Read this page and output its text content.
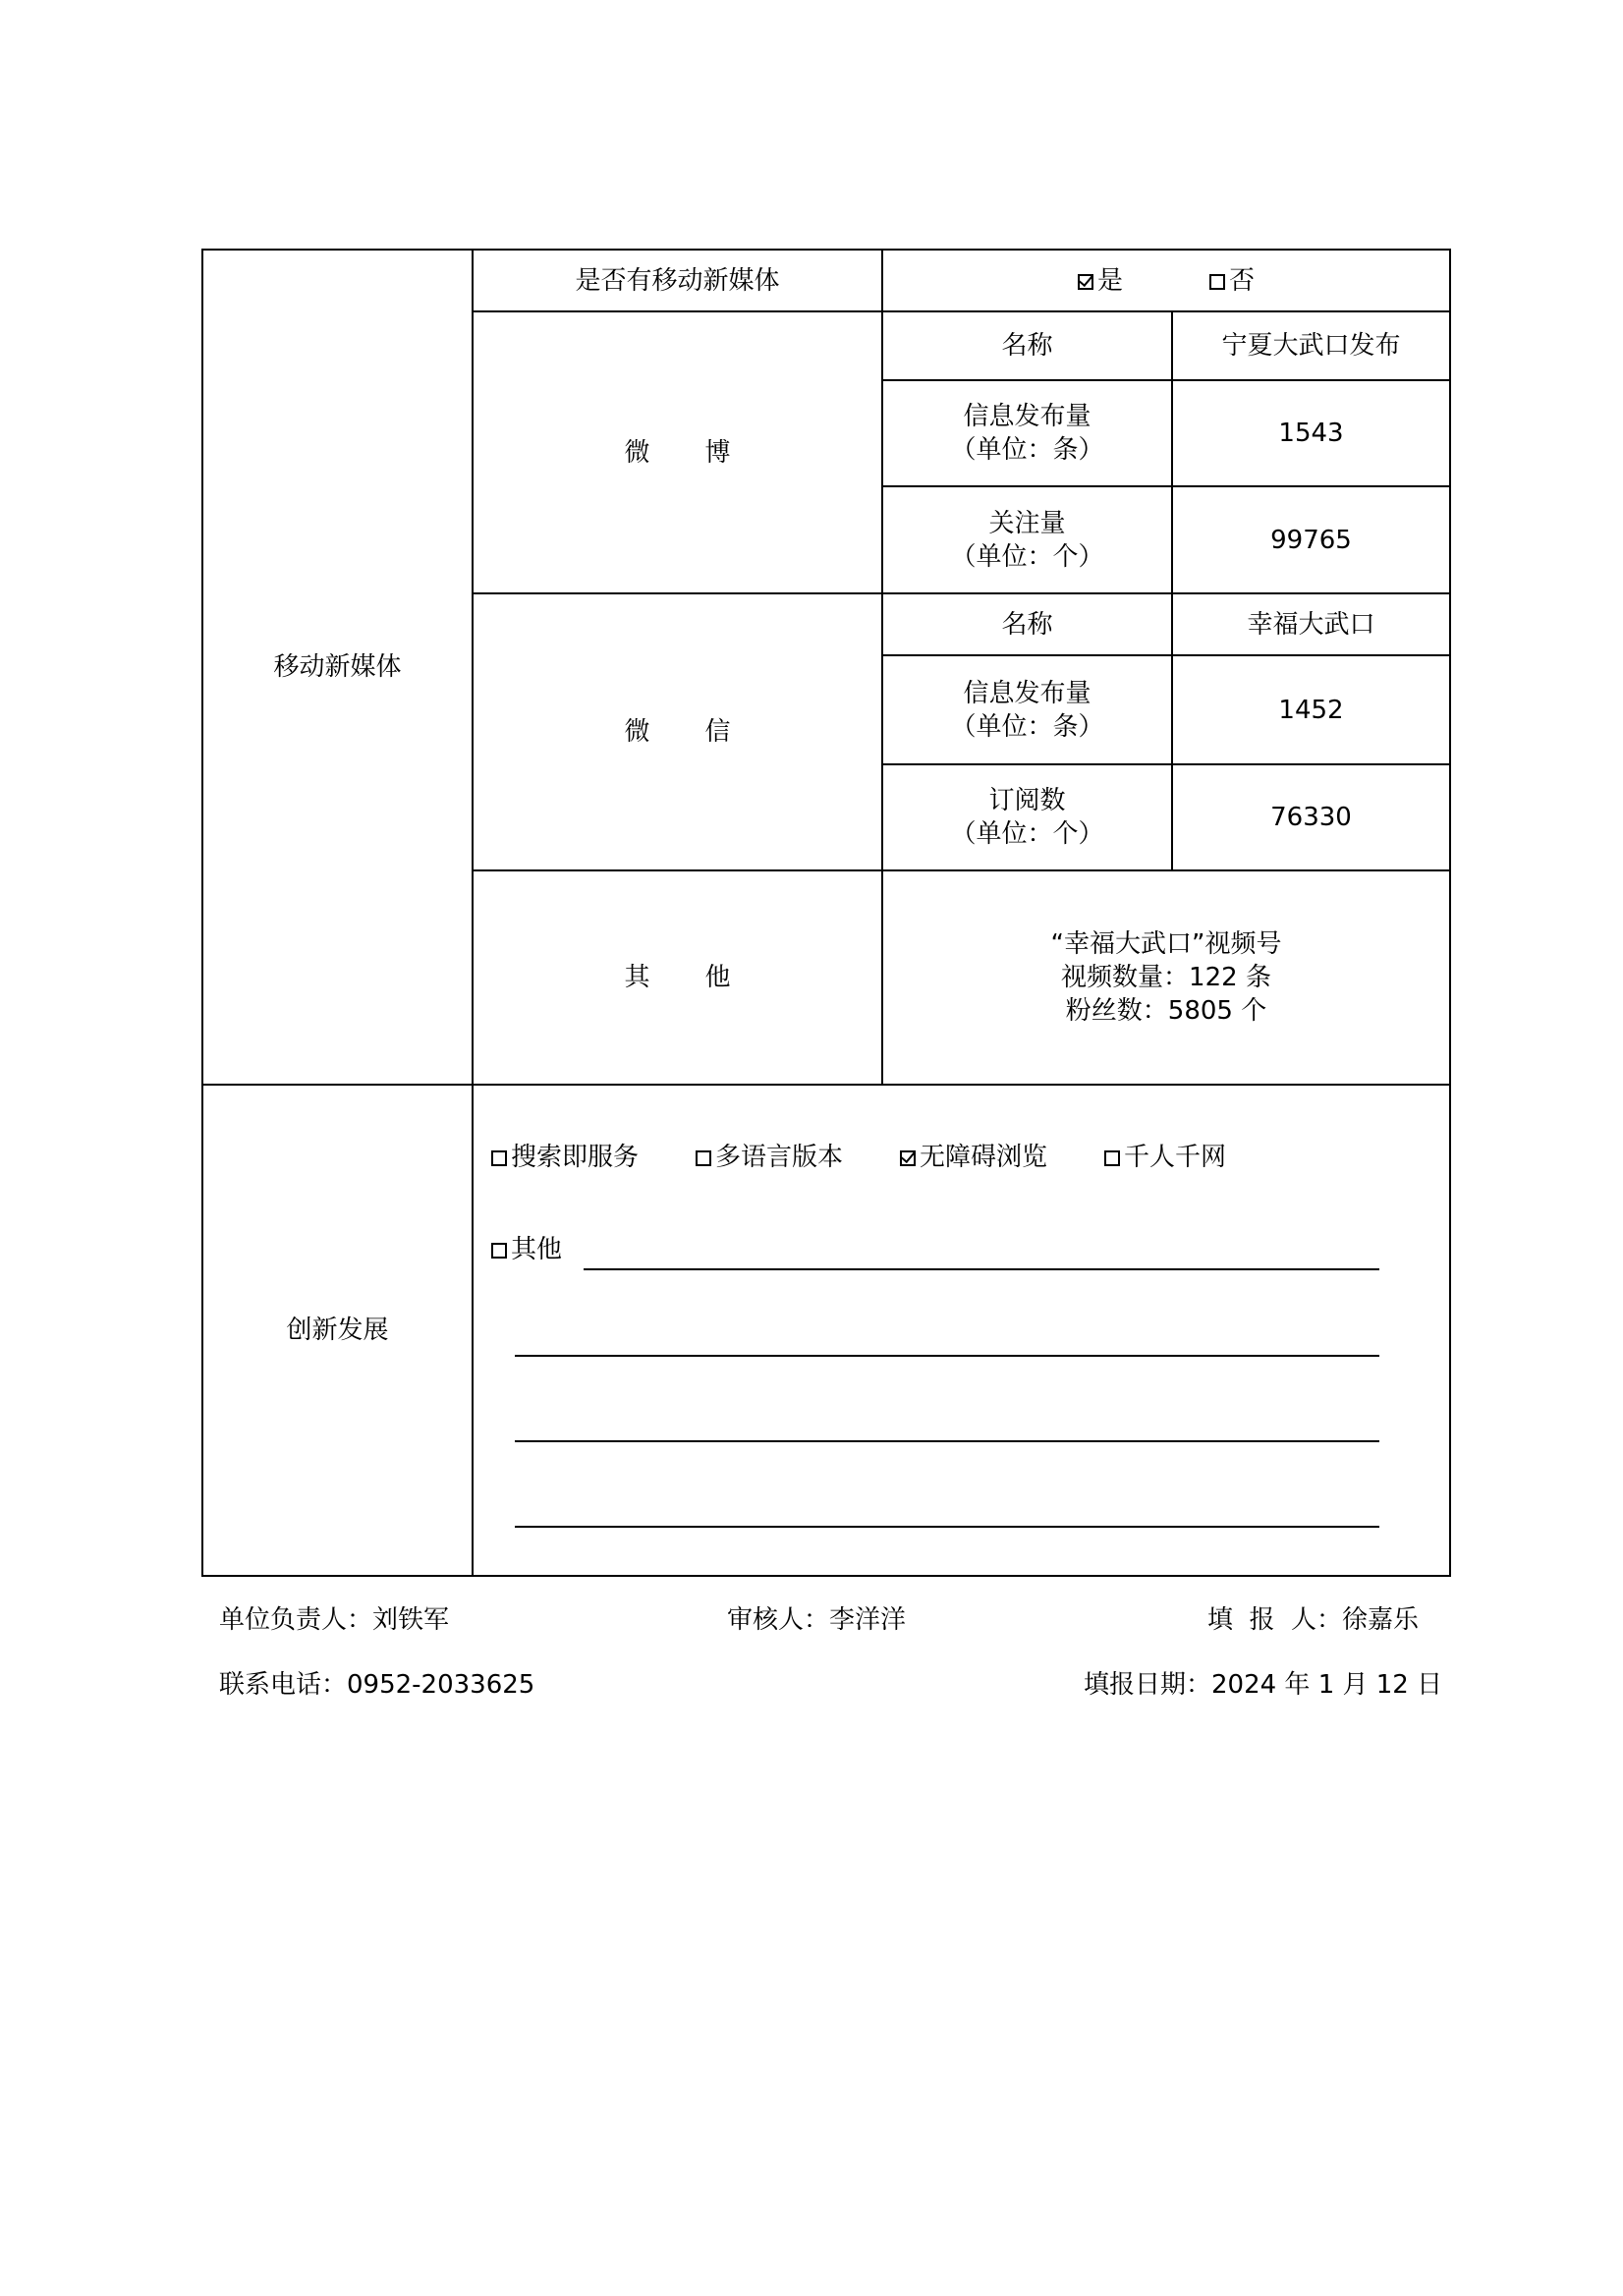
移动新媒体	是否有移动新媒体	是 否	

	微博	名称	宁夏大武口发布

		信息发布量
（单位：条）	1543

		关注量
（单位：个）	99765
	微信	名称	幸福大武口

		信息发布量
（单位：条）	1452

		订阅数
（单位：个）	76330
	其他	“幸福大武口”视频号
视频数量：122 条
粉丝数：5805 个	

创新发展	搜索即服务 多语言版本 无障碍浏览 千人千网
其他		
单位负责人：刘铁军	审核人：李洋洋	填  报  人：徐嘉乐
联系电话：0952-2033625	填报日期：2024 年 1 月 12 日
